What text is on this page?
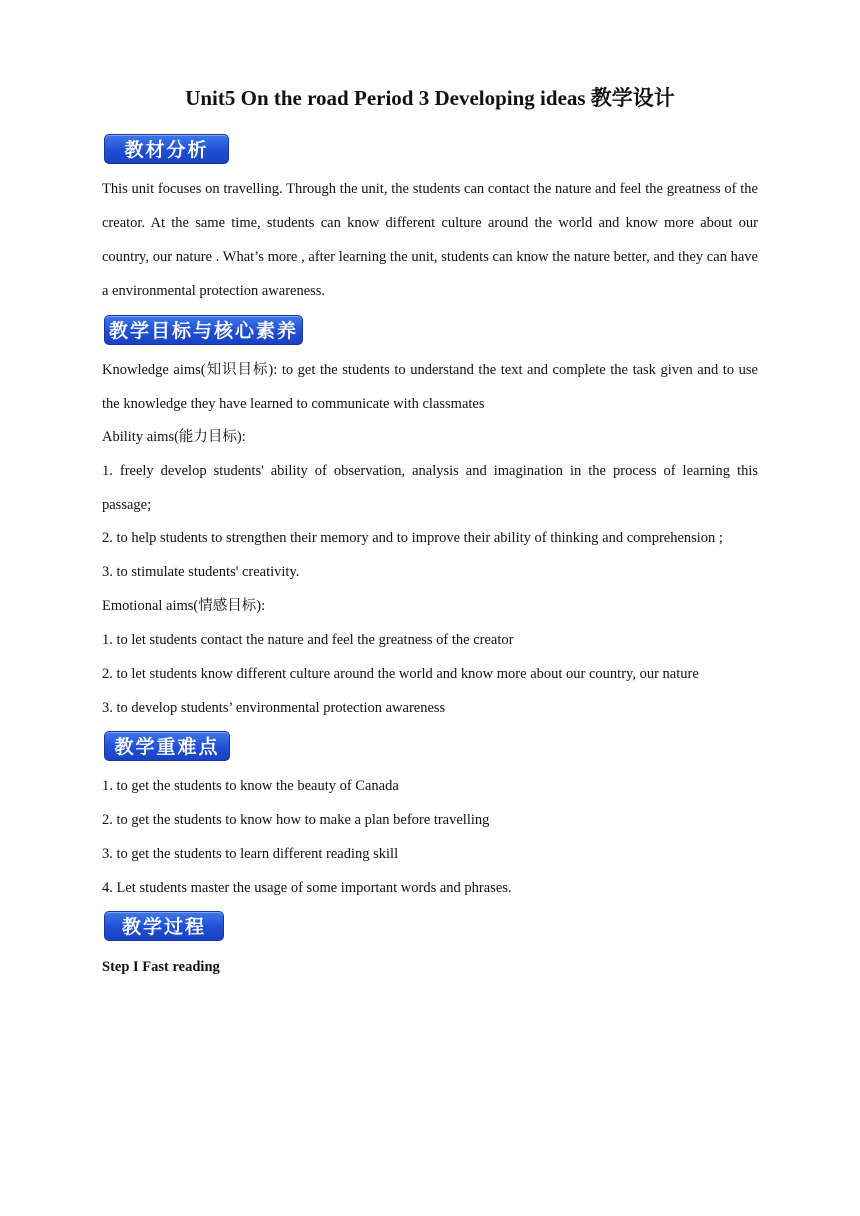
Unit5 On the road Period 3 Developing ideas 教学设计
教材分析
This unit focuses on travelling. Through the unit, the students can contact the nature and feel the greatness of the creator. At the same time, students can know different culture around the world and know more about our country, our nature . What’s more , after learning the unit, students can know the nature better, and they can have a environmental protection awareness.
教学目标与核心素养
Knowledge aims(知识目标): to get the students to understand the text and complete the task given and to use the knowledge they have learned to communicate with classmates
Ability aims(能力目标):
1. freely develop students' ability of observation, analysis and imagination in the process of learning this passage;
2. to help students to strengthen their memory and to improve their ability of thinking and comprehension ;
3. to stimulate students' creativity.
Emotional aims(情感目标):
1. to let students contact the nature and feel the greatness of the creator
2. to let students know different culture around the world and know more about our country, our nature
3. to develop students’ environmental protection awareness
教学重难点
1. to get the students to know the beauty of Canada
2. to get the students to know how to make a plan before travelling
3. to get the students to learn different reading skill
4. Let students master the usage of some important words and phrases.
教学过程
Step I Fast reading
